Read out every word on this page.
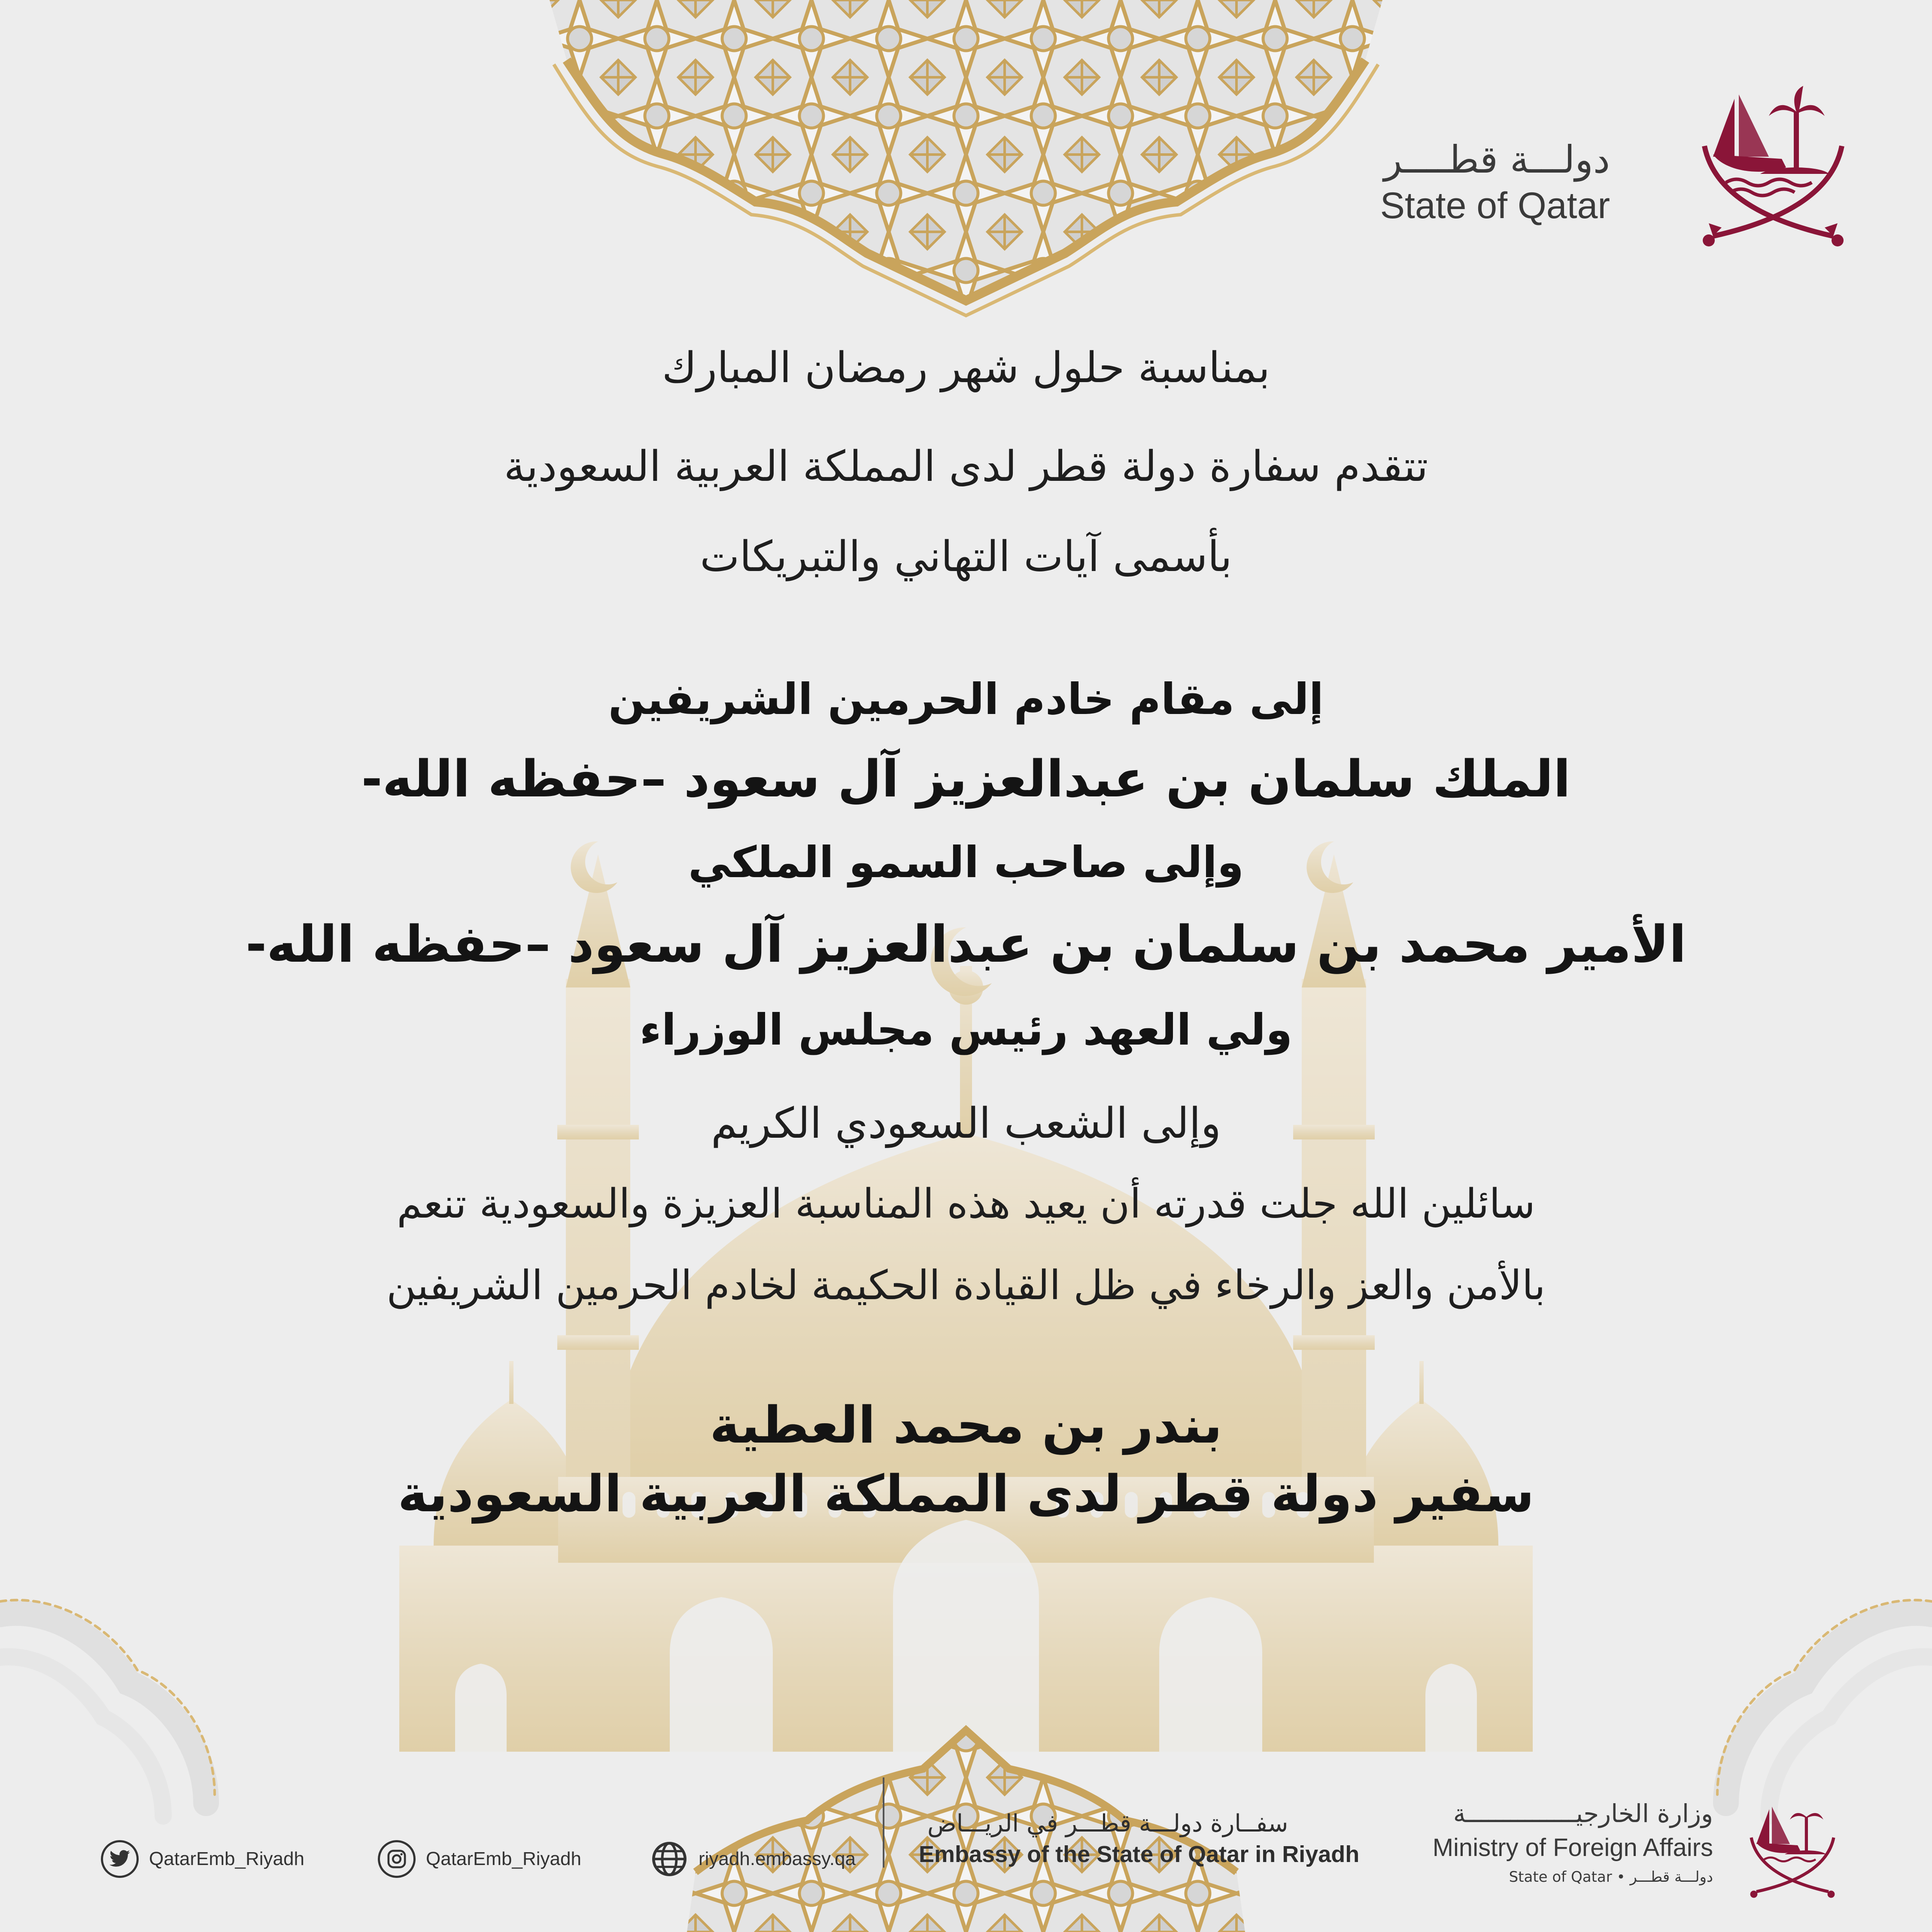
دولـــة قطــــر
State of Qatar
بمناسبة حلول شهر رمضان المبارك
تتقدم سفارة دولة قطر لدى المملكة العربية السعودية
بأسمى آيات التهاني والتبريكات
إلى مقام خادم الحرمين الشريفين
الملك سلمان بن عبدالعزيز آل سعود –حفظه الله-
وإلى صاحب السمو الملكي
الأمير محمد بن سلمان بن عبدالعزيز آل سعود –حفظه الله-
ولي العهد رئيس مجلس الوزراء
وإلى الشعب السعودي الكريم
سائلين الله جلت قدرته أن يعيد هذه المناسبة العزيزة والسعودية تنعم
بالأمن والعز والرخاء في ظل القيادة الحكيمة لخادم الحرمين الشريفين
بندر بن محمد العطية
سفير دولة قطر لدى المملكة العربية السعودية
QatarEmb_Riyadh	QatarEmb_Riyadh	riyadh.embassy.qa
سفــارة دولـــة قطـــر في الريـــاض
Embassy of the State of Qatar in Riyadh
وزارة الخارجيـــــــــــــــة
Ministry of Foreign Affairs
State of Qatar • دولـــة قطـــر
